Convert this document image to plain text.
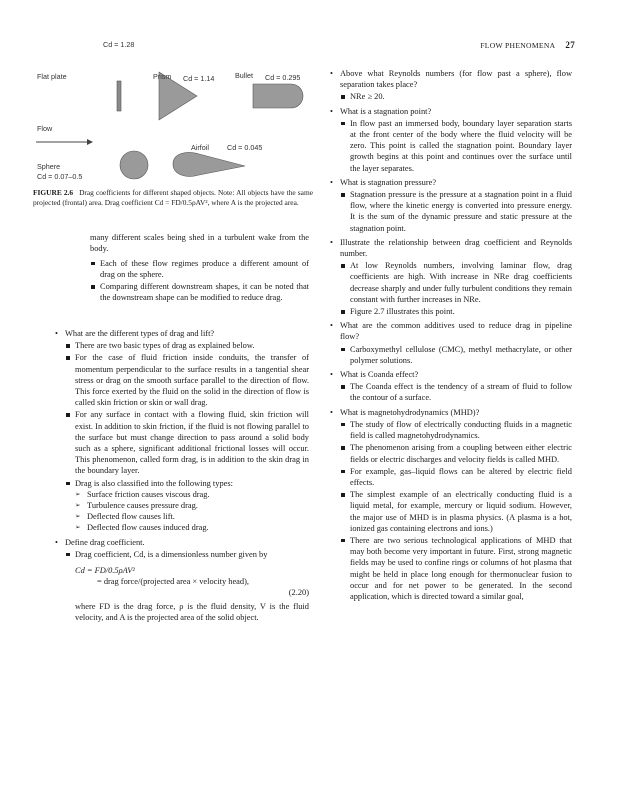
FLOW PHENOMENA 27
Flat plate
Cd = 1.28
Prism Cd = 1.14	Bullet Cd = 0.295
Flow
Airfoil	Cd = 0.045
Sphere
Cd = 0.07–0.5
FIGURE 2.6 Drag coefficients for different shaped objects. Note: All objects have the same projected (frontal) area. Drag coefficient Cd = FD/0.5ρAV², where A is the projected area.
many different scales being shed in a turbulent wake from the body.
Each of these flow regimes produce a different amount of drag on the sphere.
Comparing different downstream shapes, it can be noted that the downstream shape can be modified to reduce drag.
• What are the different types of drag and lift?
There are two basic types of drag as explained below.
For the case of fluid friction inside conduits, the transfer of momentum perpendicular to the surface results in a tangential shear stress or drag on the smooth surface parallel to the direction of flow. This force exerted by the fluid on the solid in the direction of flow is called skin friction or skin or wall drag.
For any surface in contact with a flowing fluid, skin friction will exist. In addition to skin friction, if the fluid is not flowing parallel to the surface but must change direction to pass around a solid body such as a sphere, significant additional frictional losses will occur. This phenomenon, called form drag, is in addition to the skin drag in the boundary layer.
Drag is also classified into the following types:
➢ Surface friction causes viscous drag.
➢ Turbulence causes pressure drag.
➢ Deflected flow causes lift.
➢ Deflected flow causes induced drag.
• Define drag coefficient.
Drag coefficient, Cd, is a dimensionless number given by
Cd = FD/0.5ρAV²
= drag force/(projected area × velocity head),
(2.20)
where FD is the drag force, ρ is the fluid density, V is the fluid velocity, and A is the projected area of the solid object.
• Above what Reynolds numbers (for flow past a sphere), flow separation takes place?
NRe ≥ 20.
• What is a stagnation point?
In flow past an immersed body, boundary layer separation starts at the front center of the body where the fluid velocity will be zero. This point is called the stagnation point. Boundary layer growth begins at this point and continues over the surface until the layer separates.
• What is stagnation pressure?
Stagnation pressure is the pressure at a stagnation point in a fluid flow, where the kinetic energy is converted into pressure energy. It is the sum of the dynamic pressure and static pressure at the stagnation point.
• Illustrate the relationship between drag coefficient and Reynolds number.
At low Reynolds numbers, involving laminar flow, drag coefficients are high. With increase in NRe drag coefficients decrease sharply and under fully turbulent conditions they remain constant with further increases in NRe.
Figure 2.7 illustrates this point.
• What are the common additives used to reduce drag in pipeline flow?
Carboxymethyl cellulose (CMC), methyl methacrylate, or other polymer solutions.
• What is Coanda effect?
The Coanda effect is the tendency of a stream of fluid to follow the contour of a surface.
• What is magnetohydrodynamics (MHD)?
The study of flow of electrically conducting fluids in a magnetic field is called magnetohydrodynamics.
The phenomenon arising from a coupling between either electric fields or electric discharges and velocity fields is called MHD.
For example, gas–liquid flows can be altered by electric field effects.
The simplest example of an electrically conducting fluid is a liquid metal, for example, mercury or liquid sodium. However, the major use of MHD is in plasma physics. (A plasma is a hot, ionized gas containing electrons and ions.)
There are two serious technological applications of MHD that may both become very important in future. First, strong magnetic fields may be used to confine rings or columns of hot plasma that might be held in place long enough for thermonuclear fusion to occur and for net power to be generated. In the second application, which is directed toward a similar goal,
